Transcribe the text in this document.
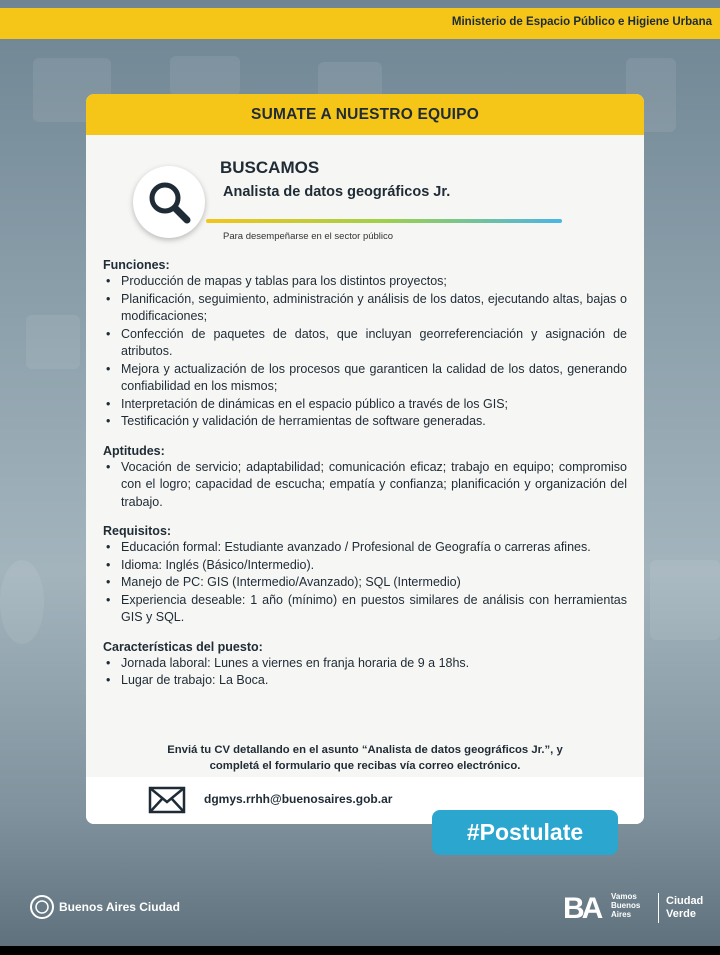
Ministerio de Espacio Público e Higiene Urbana
SUMATE A NUESTRO EQUIPO
BUSCAMOS
Analista de datos geográficos Jr.
Para desempeñarse en el sector público

Funciones:

• Producción de mapas y tablas para los distintos proyectos;
• Planificación, seguimiento, administración y análisis de los datos, ejecutando altas, bajas o modificaciones;
• Confección de paquetes de datos, que incluyan georreferenciación y asignación de atributos.
• Mejora y actualización de los procesos que garanticen la calidad de los datos, generando confiabilidad en los mismos;
• Interpretación de dinámicas en el espacio público a través de los GIS;
• Testificación y validación de herramientas de software generadas.

Aptitudes:

• Vocación de servicio; adaptabilidad; comunicación eficaz; trabajo en equipo; compromiso con el logro; capacidad de escucha; empatía y confianza; planificación y organización del trabajo.

Requisitos:

• Educación formal: Estudiante avanzado / Profesional de Geografía o carreras afines.
• Idioma: Inglés (Básico/Intermedio).
• Manejo de PC: GIS (Intermedio/Avanzado); SQL (Intermedio)
• Experiencia deseable: 1 año (mínimo) en puestos similares de análisis con herramientas GIS y SQL.

Características del puesto:

• Jornada laboral: Lunes a viernes en franja horaria de 9 a 18hs.
• Lugar de trabajo: La Boca.
Enviá tu CV detallando en el asunto “Analista de datos geográficos Jr.”, y
completá el formulario que recibas vía correo electrónico.
dgmys.rrhh@buenosaires.gob.ar
#Postulate
Buenos Aires Ciudad	BA Vamos
Buenos
Aires
Ciudad
Verde
